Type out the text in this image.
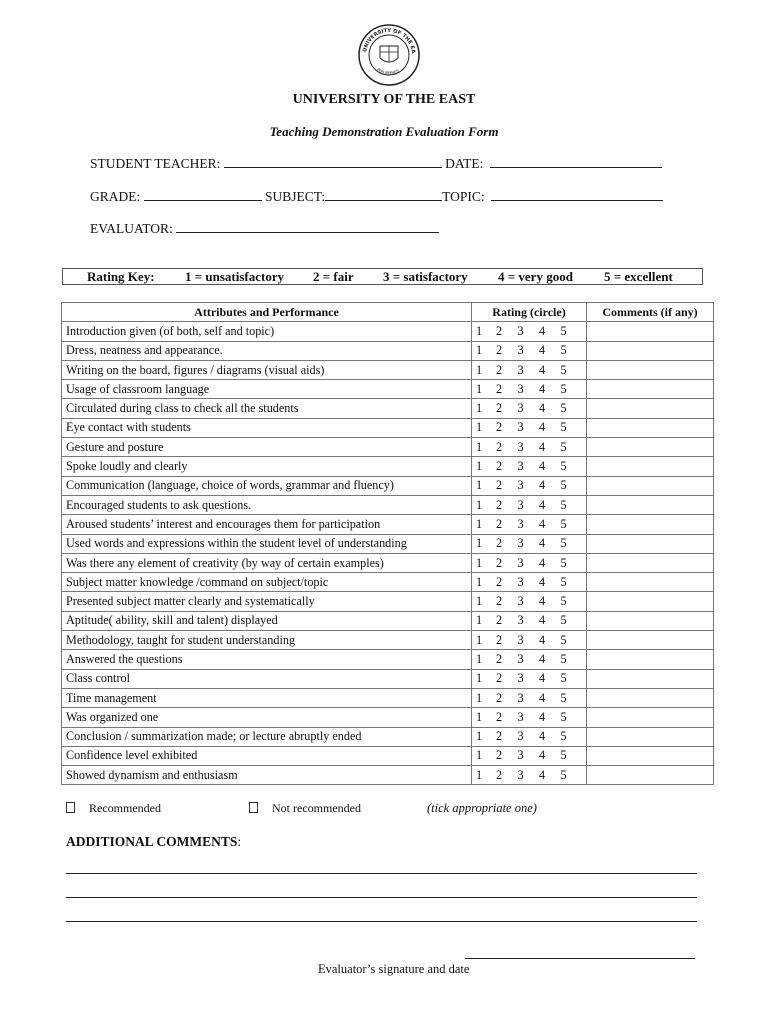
UNIVERSITY OF THE EA
PHILIPPINES
UNIVERSITY OF THE EAST
Teaching Demonstration Evaluation Form
STUDENT TEACHER:	DATE:
GRADE:	SUBJECT:	TOPIC:
EVALUATOR:
Rating Key: 1 = unsatisfactory 2 = fair 3 = satisfactory 4 = very good 5 = excellent
Attributes and Performance	Rating (circle)	Comments (if any)
Introduction given (of both, self and topic)	1 2 3 4 5	
Dress, neatness and appearance.	1 2 3 4 5	
Writing on the board, figures / diagrams (visual aids)	1 2 3 4 5	
Usage of classroom language	1 2 3 4 5	
Circulated during class to check all the students	1 2 3 4 5	
Eye contact with students	1 2 3 4 5	
Gesture and posture	1 2 3 4 5	
Spoke loudly and clearly	1 2 3 4 5	
Communication (language, choice of words, grammar and fluency)	1 2 3 4 5	
Encouraged students to ask questions.	1 2 3 4 5	
Aroused students’ interest and encourages them for participation	1 2 3 4 5	
Used words and expressions within the student level of understanding	1 2 3 4 5	
Was there any element of creativity (by way of certain examples)	1 2 3 4 5	
Subject matter knowledge /command on subject/topic	1 2 3 4 5	
Presented subject matter clearly and systematically	1 2 3 4 5	
Aptitude( ability, skill and talent) displayed	1 2 3 4 5	
Methodology, taught for student understanding	1 2 3 4 5	
Answered the questions	1 2 3 4 5	
Class control	1 2 3 4 5	
Time management	1 2 3 4 5	
Was organized one	1 2 3 4 5	
Conclusion / summarization made; or lecture abruptly ended	1 2 3 4 5	
Confidence level exhibited	1 2 3 4 5	
Showed dynamism and enthusiasm	1 2 3 4 5	
Recommended	Not recommended	(tick appropriate one)
ADDITIONAL COMMENTS:
Evaluator’s signature and date
